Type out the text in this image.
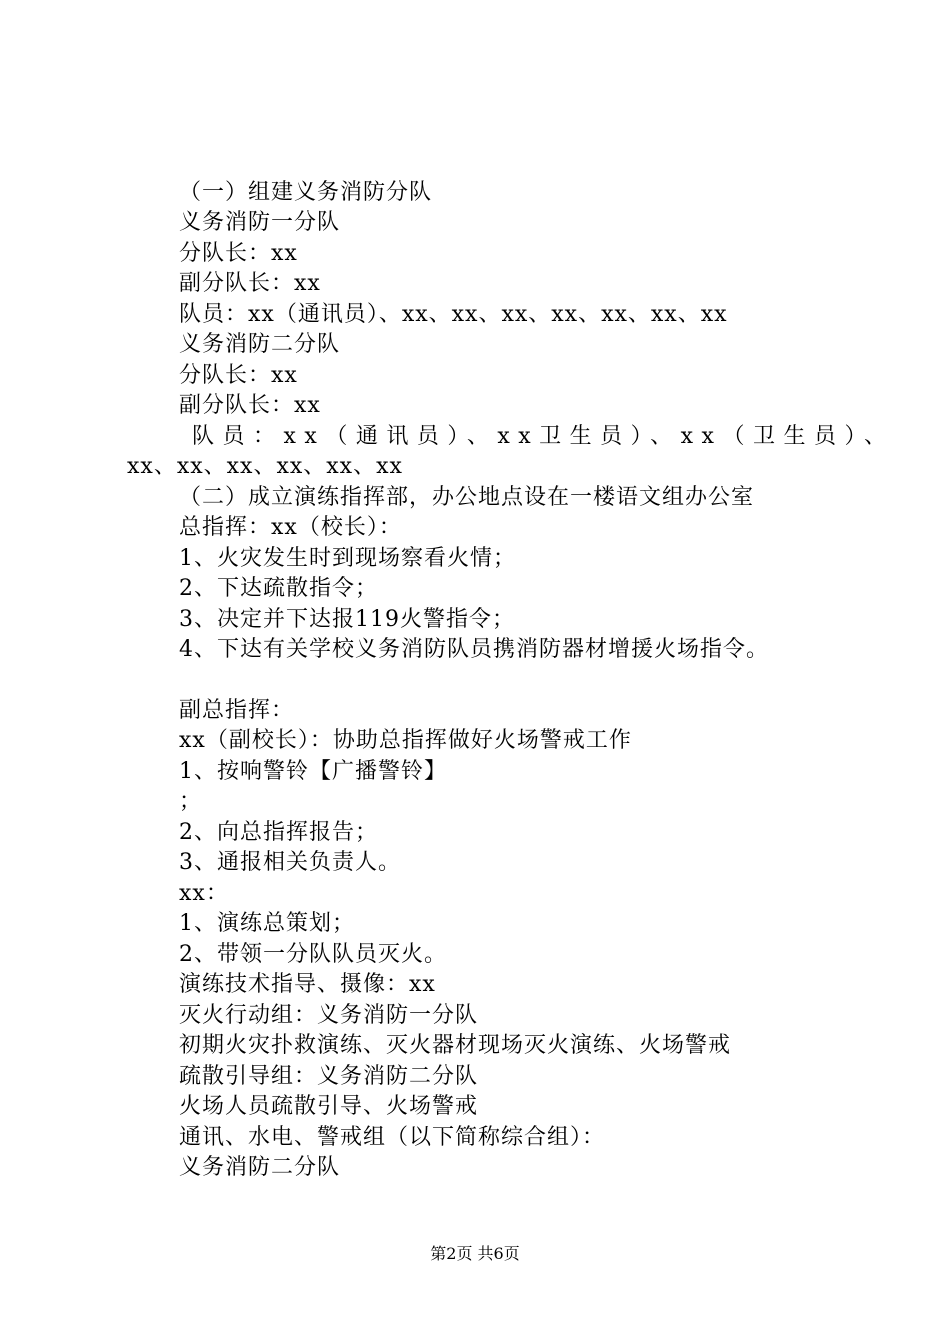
（一）组建义务消防分队
义务消防一分队
分队长：xx
副分队长：xx
队员：xx（通讯员）、xx、xx、xx、xx、xx、xx、xx
义务消防二分队
分队长：xx
副分队长：xx
队员：xx（通讯员）、xx卫生员）、xx（卫生员）、
xx、xx、xx、xx、xx、xx
（二）成立演练指挥部，办公地点设在一楼语文组办公室
总指挥：xx（校长）：
1、火灾发生时到现场察看火情；
2、下达疏散指令；
3、决定并下达报119火警指令；
4、下达有关学校义务消防队员携消防器材增援火场指令。
副总指挥：
xx（副校长）：协助总指挥做好火场警戒工作
1、按响警铃【广播警铃】
；
2、向总指挥报告；
3、通报相关负责人。
xx：
1、演练总策划；
2、带领一分队队员灭火。
演练技术指导、摄像：xx
灭火行动组：义务消防一分队
初期火灾扑救演练、灭火器材现场灭火演练、火场警戒
疏散引导组：义务消防二分队
火场人员疏散引导、火场警戒
通讯、水电、警戒组（以下简称综合组）：
义务消防二分队
第2页 共6页
